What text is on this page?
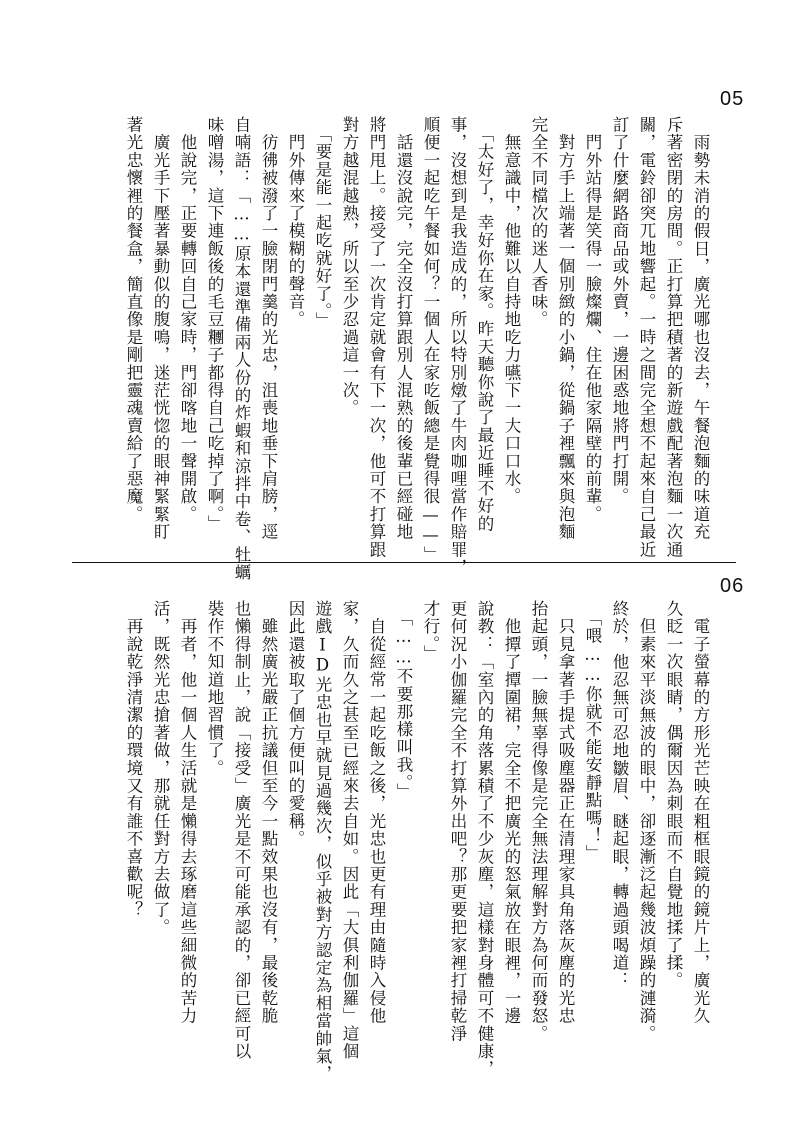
05

　雨勢未消的假日，廣光哪也沒去，午餐泡麵的味道充

斥著密閉的房間。正打算把積著的新遊戲配著泡麵一次通

關，電鈴卻突兀地響起。一時之間完全想不起來自己最近

訂了什麼網路商品或外賣，一邊困惑地將門打開。

　門外站得是笑得一臉燦爛、住在他家隔壁的前輩。

　對方手上端著一個別緻的小鍋，從鍋子裡飄來與泡麵

完全不同檔次的迷人香味。

　無意識中，他難以自持地吃力嚥下一大口口水。

　「太好了，幸好你在家。昨天聽你說了最近睡不好的

事，沒想到是我造成的，所以特別燉了牛肉咖哩當作賠罪，

順便一起吃午餐如何？一個人在家吃飯總是覺得很——」

　話還沒說完，完全沒打算跟別人混熟的後輩已經碰地

將門甩上。接受了一次肯定就會有下一次，他可不打算跟

對方越混越熟，所以至少忍過這一次。

　「要是能一起吃就好了。」

　門外傳來了模糊的聲音。

　彷彿被潑了一臉閉門羹的光忠，沮喪地垂下肩膀，逕

自喃語：「……原本還準備兩人份的炸蝦和涼拌中卷、牡蠣

味噌湯，這下連飯後的毛豆糰子都得自己吃掉了啊。」

　他說完，正要轉回自己家時，門卻喀地一聲開啟。

　廣光手下壓著暴動似的腹鳴，迷茫恍惚的眼神緊緊盯

著光忠懷裡的餐盒，簡直像是剛把靈魂賣給了惡魔。

06

　電子螢幕的方形光芒映在粗框眼鏡的鏡片上，廣光久

久眨一次眼睛，偶爾因為刺眼而不自覺地揉了揉。

　但素來平淡無波的眼中，卻逐漸泛起幾波煩躁的漣漪。

終於，他忍無可忍地皺眉、瞇起眼，轉過頭喝道：

　「喂……你就不能安靜點嗎！」

　只見拿著手提式吸塵器正在清理家具角落灰塵的光忠

抬起頭，一臉無辜得像是完全無法理解對方為何而發怒。

　他撢了撢圍裙，完全不把廣光的怒氣放在眼裡，一邊

說教：「室內的角落累積了不少灰塵，這樣對身體可不健康，

更何況小伽羅完全不打算外出吧？那更要把家裡打掃乾淨

才行。」

　「……不要那樣叫我。」

　自從經常一起吃飯之後，光忠也更有理由隨時入侵他

家，久而久之甚至已經來去自如。因此「大俱利伽羅」這個

遊戲ID光忠也早就見過幾次，似乎被對方認定為相當帥氣，

因此還被取了個方便叫的愛稱。

　雖然廣光嚴正抗議但至今一點效果也沒有，最後乾脆

也懶得制止，說「接受」廣光是不可能承認的，卻已經可以

裝作不知道地習慣了。

　再者，他一個人生活就是懶得去琢磨這些細微的苦力

活，既然光忠搶著做，那就任對方去做了。

　再說乾淨清潔的環境又有誰不喜歡呢？
